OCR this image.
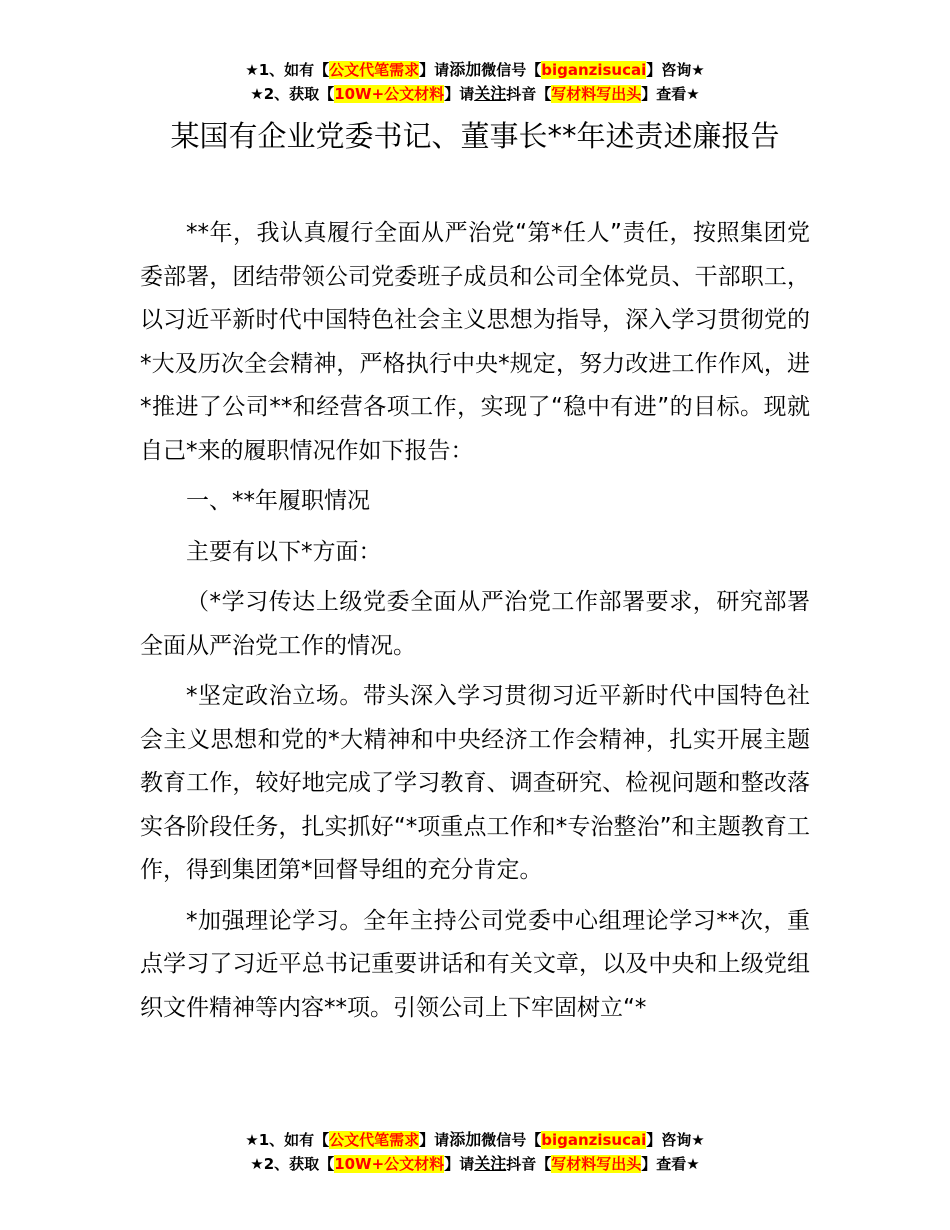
★1、如有【公文代笔需求】请添加微信号【biganzisucai】咨询★
★2、获取【10W+公文材料】请关注抖音【写材料写出头】查看★
某国有企业党委书记、董事长**年述责述廉报告

**年，我认真履行全面从严治党“第*任人”责任，按照集团党委部署，团结带领公司党委班子成员和公司全体党员、干部职工，以习近平新时代中国特色社会主义思想为指导，深入学习贯彻党的*大及历次全会精神，严格执行中央*规定，努力改进工作作风，进*推进了公司**和经营各项工作，实现了“稳中有进”的目标。现就自己*来的履职情况作如下报告：

一、**年履职情况

主要有以下*方面：

（*学习传达上级党委全面从严治党工作部署要求，研究部署全面从严治党工作的情况。

*坚定政治立场。带头深入学习贯彻习近平新时代中国特色社会主义思想和党的*大精神和中央经济工作会精神，扎实开展主题教育工作，较好地完成了学习教育、调查研究、检视问题和整改落实各阶段任务，扎实抓好“*项重点工作和*专治整治”和主题教育工作，得到集团第*回督导组的充分肯定。

*加强理论学习。全年主持公司党委中心组理论学习**次，重点学习了习近平总书记重要讲话和有关文章，以及中央和上级党组织文件精神等内容**项。引领公司上下牢固树立“*

★1、如有【公文代笔需求】请添加微信号【biganzisucai】咨询★
★2、获取【10W+公文材料】请关注抖音【写材料写出头】查看★
